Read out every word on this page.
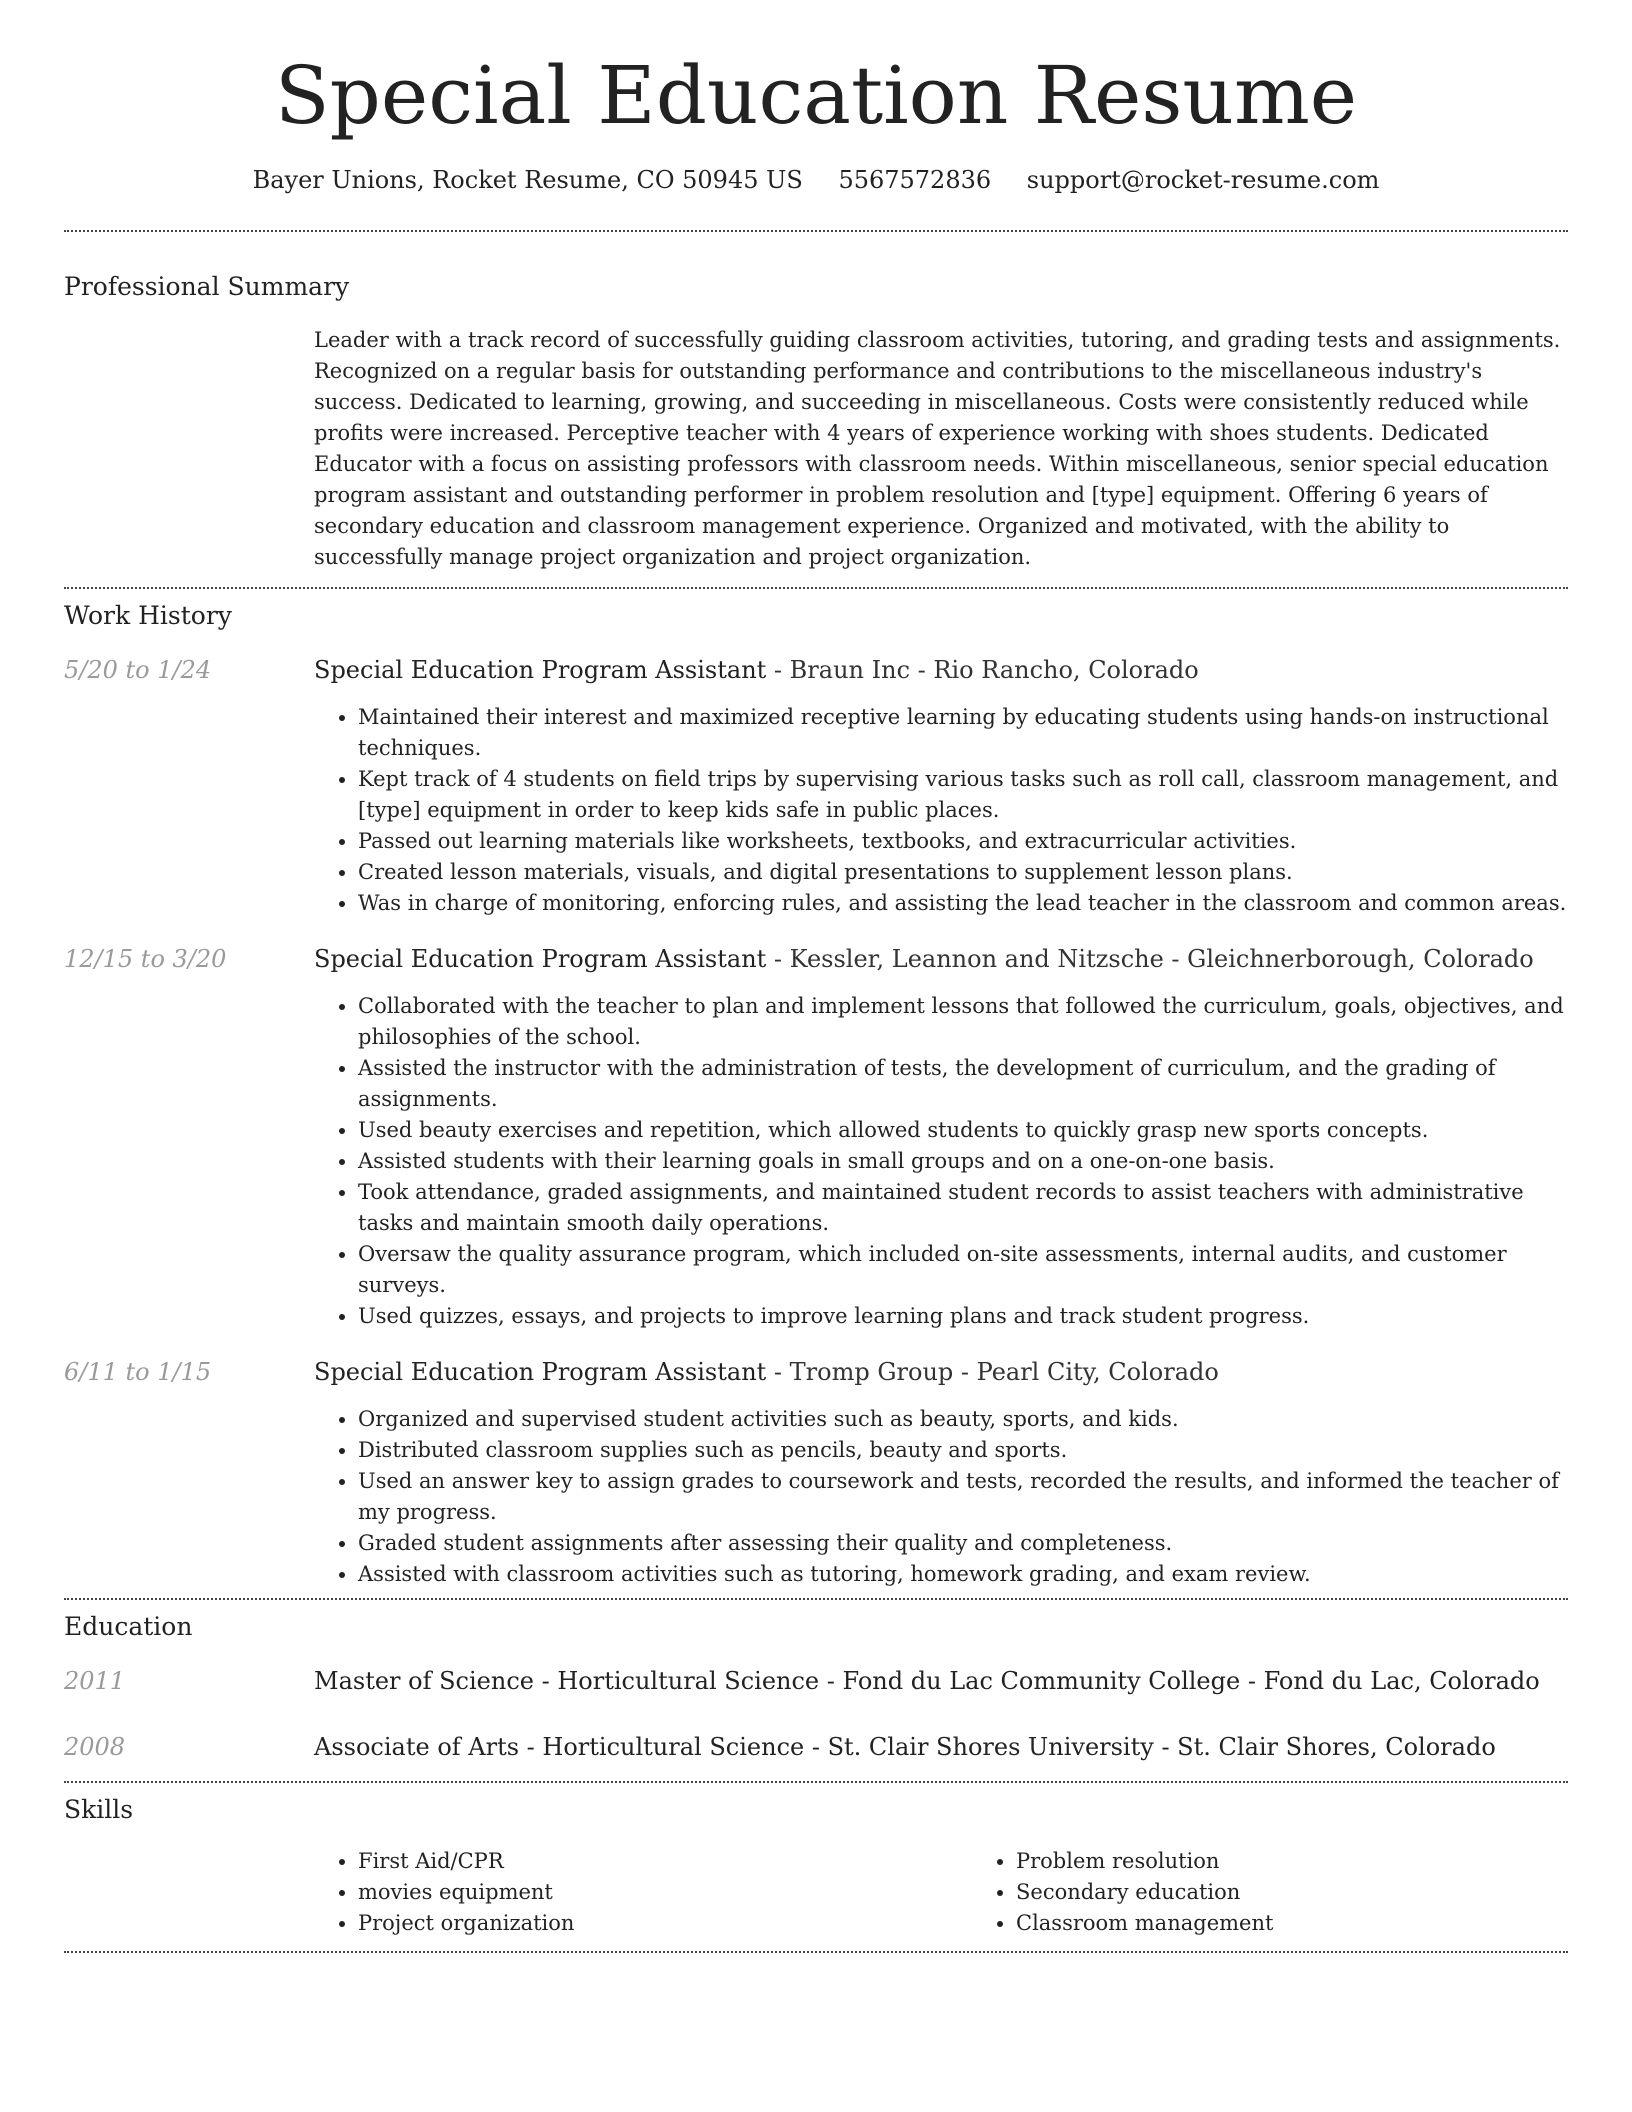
Special Education Resume
Bayer Unions, Rocket Resume, CO 50945 US 5567572836 support@rocket-resume.com
Professional Summary

Leader with a track record of successfully guiding classroom activities, tutoring, and grading tests and assignments. Recognized on a regular basis for outstanding performance and contributions to the miscellaneous industry's success. Dedicated to learning, growing, and succeeding in miscellaneous. Costs were consistently reduced while profits were increased. Perceptive teacher with 4 years of experience working with shoes students. Dedicated Educator with a focus on assisting professors with classroom needs. Within miscellaneous, senior special education program assistant and outstanding performer in problem resolution and [type] equipment. Offering 6 years of secondary education and classroom management experience. Organized and motivated, with the ability to successfully manage project organization and project organization.

Work History
5/20 to 1/24	Special Education Program Assistant - Braun Inc - Rio Rancho, Colorado

• Maintained their interest and maximized receptive learning by educating students using hands-on instructional techniques.
• Kept track of 4 students on field trips by supervising various tasks such as roll call, classroom management, and [type] equipment in order to keep kids safe in public places.
• Passed out learning materials like worksheets, textbooks, and extracurricular activities.
• Created lesson materials, visuals, and digital presentations to supplement lesson plans.
• Was in charge of monitoring, enforcing rules, and assisting the lead teacher in the classroom and common areas.
12/15 to 3/20	Special Education Program Assistant - Kessler, Leannon and Nitzsche - Gleichnerborough, Colorado

• Collaborated with the teacher to plan and implement lessons that followed the curriculum, goals, objectives, and philosophies of the school.
• Assisted the instructor with the administration of tests, the development of curriculum, and the grading of assignments.
• Used beauty exercises and repetition, which allowed students to quickly grasp new sports concepts.
• Assisted students with their learning goals in small groups and on a one-on-one basis.
• Took attendance, graded assignments, and maintained student records to assist teachers with administrative tasks and maintain smooth daily operations.
• Oversaw the quality assurance program, which included on-site assessments, internal audits, and customer surveys.
• Used quizzes, essays, and projects to improve learning plans and track student progress.
6/11 to 1/15	Special Education Program Assistant - Tromp Group - Pearl City, Colorado

• Organized and supervised student activities such as beauty, sports, and kids.
• Distributed classroom supplies such as pencils, beauty and sports.
• Used an answer key to assign grades to coursework and tests, recorded the results, and informed the teacher of my progress.
• Graded student assignments after assessing their quality and completeness.
• Assisted with classroom activities such as tutoring, homework grading, and exam review.
Education
2011	Master of Science - Horticultural Science - Fond du Lac Community College - Fond du Lac, Colorado

2008	Associate of Arts - Horticultural Science - St. Clair Shores University - St. Clair Shores, Colorado

Skills
• First Aid/CPR
• movies equipment
• Project organization
• Problem resolution
• Secondary education
• Classroom management
